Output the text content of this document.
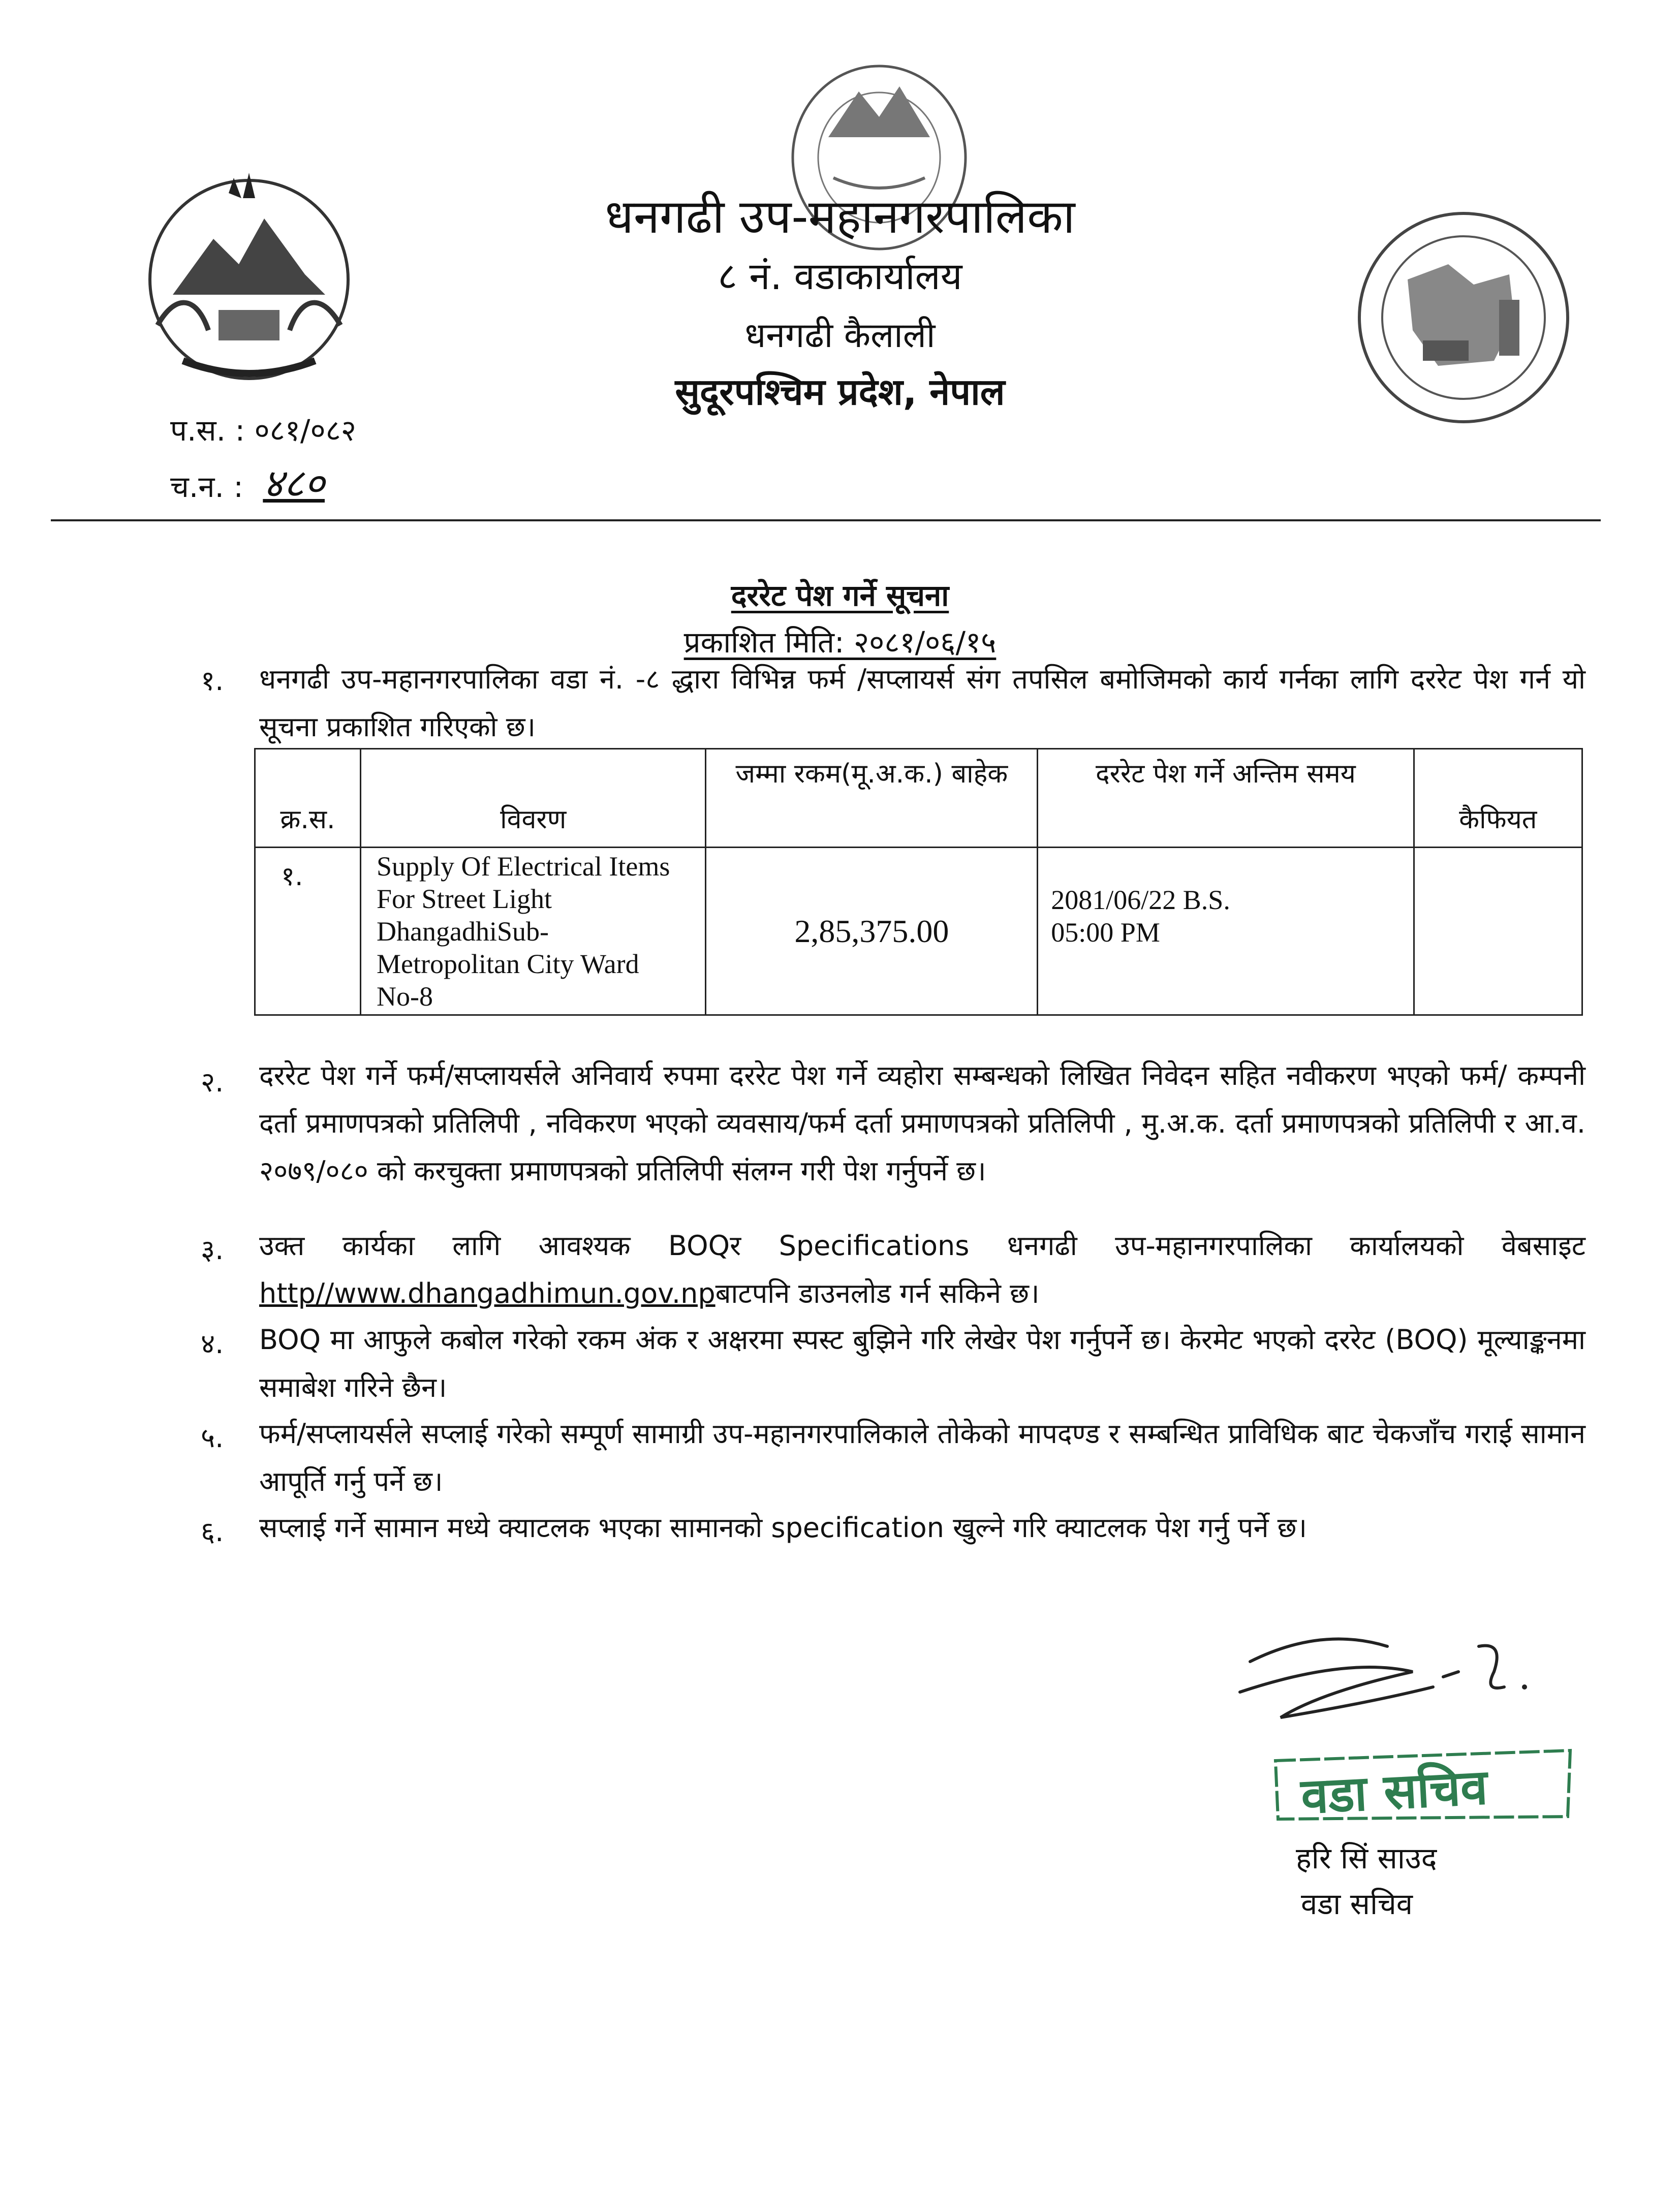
धनगढी उप-महानगरपालिका
८ नं. वडाकार्यालय
धनगढी कैलाली
सुदूरपश्चिम प्रदेश, नेपाल
प.स. : ०८१/०८२
च.न. : ४८०
दररेट पेश गर्ने सूचना
प्रकाशित मिति: २०८१/०६/१५
१. धनगढी उप-महानगरपालिका वडा नं. -८ द्धारा विभिन्न फर्म /सप्लायर्स संग तपसिल बमोजिमको कार्य गर्नका लागि दररेट पेश गर्न यो सूचना प्रकाशित गरिएको छ।
क्र.स.	विवरण	जम्मा रकम(मू.अ.क.) बाहेक	दररेट पेश गर्ने अन्तिम समय	कैफियत
१.	Supply Of Electrical Items For Street Light DhangadhiSub-Metropolitan City Ward No-8	2,85,375.00	2081/06/22 B.S.
05:00 PM	

२. दररेट पेश गर्ने फर्म/सप्लायर्सले अनिवार्य रुपमा दररेट पेश गर्ने व्यहोरा सम्बन्धको लिखित निवेदन सहित नवीकरण भएको फर्म/ कम्पनी दर्ता प्रमाणपत्रको प्रतिलिपी , नविकरण भएको व्यवसाय/फर्म दर्ता प्रमाणपत्रको प्रतिलिपी , मु.अ.क. दर्ता प्रमाणपत्रको प्रतिलिपी र आ.व. २०७९/०८० को करचुक्ता प्रमाणपत्रको प्रतिलिपी संलग्न गरी पेश गर्नुपर्ने छ।
३. उक्त कार्यका लागि आवश्यक BOQर Specifications धनगढी उप-महानगरपालिका कार्यालयको वेबसाइट http//www.dhangadhimun.gov.npबाटपनि डाउनलोड गर्न सकिने छ।
४. BOQ मा आफुले कबोल गरेको रकम अंक र अक्षरमा स्पस्ट बुझिने गरि लेखेर पेश गर्नुपर्ने छ। केरमेट भएको दररेट (BOQ) मूल्याङ्कनमा समाबेश गरिने छैन।
५. फर्म/सप्लायर्सले सप्लाई गरेको सम्पूर्ण सामाग्री उप-महानगरपालिकाले तोकेको मापदण्ड र सम्बन्धित प्राविधिक बाट चेकजाँच गराई सामान आपूर्ति गर्नु पर्ने छ।
६. सप्लाई गर्ने सामान मध्ये क्याटलक भएका सामानको specification खुल्ने गरि क्याटलक पेश गर्नु पर्ने छ।
वडा सचिव
हरि सिं साउद
वडा सचिव
